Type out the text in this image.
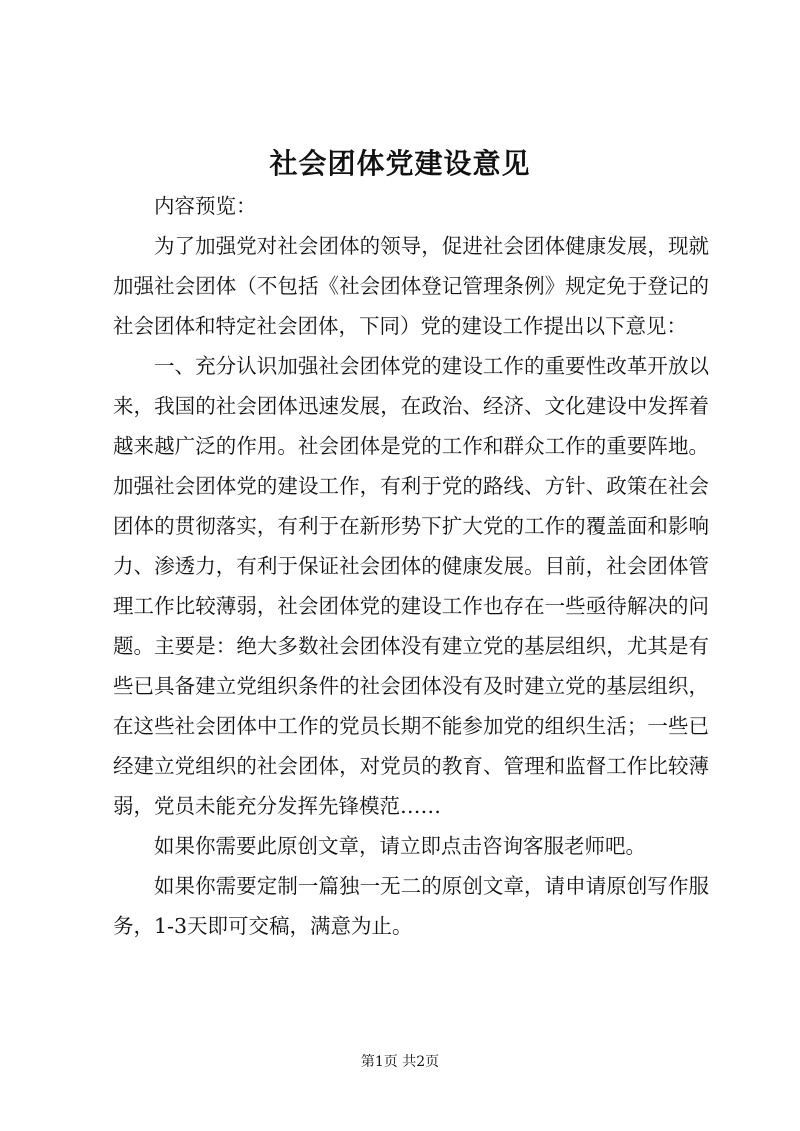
社会团体党建设意见

内容预览：

为了加强党对社会团体的领导，促进社会团体健康发展，现就加强社会团体（不包括《社会团体登记管理条例》规定免于登记的社会团体和特定社会团体，下同）党的建设工作提出以下意见：

一、充分认识加强社会团体党的建设工作的重要性改革开放以来，我国的社会团体迅速发展，在政治、经济、文化建设中发挥着越来越广泛的作用。社会团体是党的工作和群众工作的重要阵地。加强社会团体党的建设工作，有利于党的路线、方针、政策在社会团体的贯彻落实，有利于在新形势下扩大党的工作的覆盖面和影响力、渗透力，有利于保证社会团体的健康发展。目前，社会团体管理工作比较薄弱，社会团体党的建设工作也存在一些亟待解决的问题。主要是：绝大多数社会团体没有建立党的基层组织，尤其是有些已具备建立党组织条件的社会团体没有及时建立党的基层组织，在这些社会团体中工作的党员长期不能参加党的组织生活；一些已经建立党组织的社会团体，对党员的教育、管理和监督工作比较薄弱，党员未能充分发挥先锋模范……

如果你需要此原创文章，请立即点击咨询客服老师吧。

如果你需要定制一篇独一无二的原创文章，请申请原创写作服务，1-3天即可交稿，满意为止。

第1页 共2页
